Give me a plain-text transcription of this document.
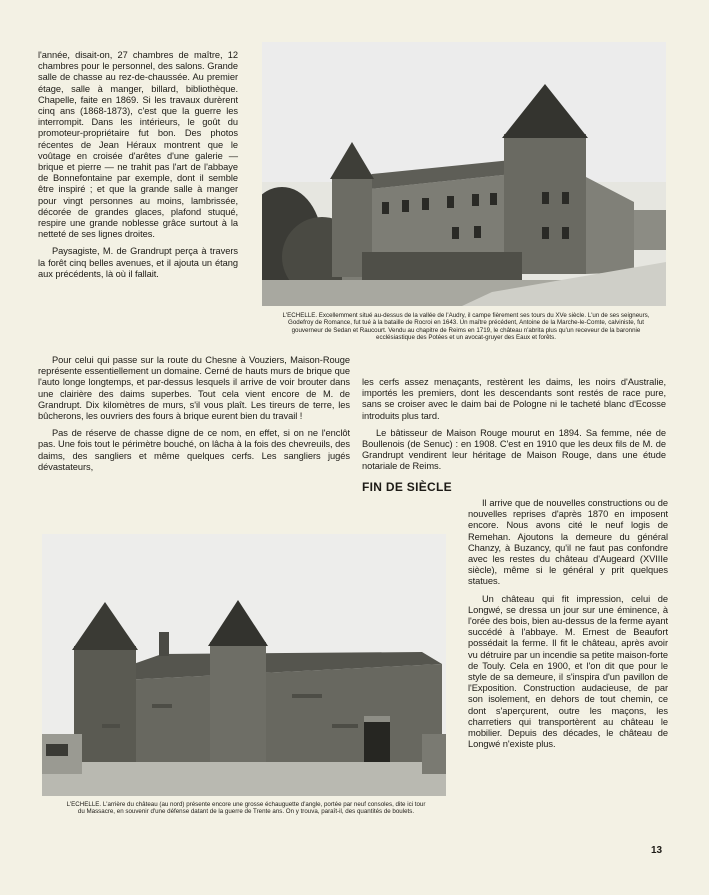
l'année, disait-on, 27 chambres de maître, 12 chambres pour le personnel, des salons. Grande salle de chasse au rez-de-chaussée. Au premier étage, salle à manger, billard, bibliothèque. Chapelle, faite en 1869. Si les travaux durèrent cinq ans (1868-1873), c'est que la guerre les interrompit. Dans les intérieurs, le goût du promoteur-propriétaire fut bon. Des photos récentes de Jean Héraux montrent que le voûtage en croisée d'arêtes d'une galerie — brique et pierre — ne trahit pas l'art de l'abbaye de Bonnefontaine par exemple, dont il semble être inspiré ; et que la grande salle à manger pour vingt personnes au moins, lambrissée, décorée de grandes glaces, plafond stuqué, respire une grande noblesse grâce surtout à la netteté de ses lignes droites.

Paysagiste, M. de Grandrupt perça à travers la forêt cinq belles avenues, et il ajouta un étang aux précédents, là où il fallait.

L'ECHELLE. Excellemment situé au-dessus de la vallée de l'Audry, il campe fièrement ses tours du XVe siècle. L'un de ses seigneurs, Godefroy de Romance, fut tué à la bataille de Rocroi en 1643. Un maître précédent, Antoine de la Marche-le-Comte, calviniste, fut gouverneur de Sedan et Raucourt. Vendu au chapitre de Reims en 1719, le château n'abrita plus qu'un receveur de la baronnie ecclésiastique des Potées et un avocat-gruyer des Eaux et forêts.

Pour celui qui passe sur la route du Chesne à Vouziers, Maison-Rouge représente essentiellement un domaine. Cerné de hauts murs de brique que l'auto longe longtemps, et par-dessus lesquels il arrive de voir brouter dans une clairière des daims superbes. Tout cela vient encore de M. de Grandrupt. Dix kilomètres de murs, s'il vous plaît. Les tireurs de terre, les bûcherons, les ouvriers des fours à brique eurent bien du travail !

Pas de réserve de chasse digne de ce nom, en effet, si on ne l'enclôt pas. Une fois tout le périmètre bouché, on lâcha à la fois des chevreuils, des daims, des sangliers et même quelques cerfs. Les sangliers jugés dévastateurs,

les cerfs assez menaçants, restèrent les daims, les noirs d'Australie, importés les premiers, dont les descendants sont restés de race pure, sans se croiser avec le daim bai de Pologne ni le tacheté blanc d'Ecosse introduits plus tard.

Le bâtisseur de Maison Rouge mourut en 1894. Sa femme, née de Boullenois (de Senuc) : en 1908. C'est en 1910 que les deux fils de M. de Grandrupt vendirent leur héritage de Maison Rouge, dans une étude notariale de Reims.

FIN DE SIÈCLE

Il arrive que de nouvelles constructions ou de nouvelles reprises d'après 1870 en imposent encore. Nous avons cité le neuf logis de Remehan. Ajoutons la demeure du général Chanzy, à Buzancy, qu'il ne faut pas confondre avec les restes du château d'Augeard (XVIIIe siècle), même si le général y prit quelques statues.

Un château qui fit impression, celui de Longwé, se dressa un jour sur une éminence, à l'orée des bois, bien au-dessus de la ferme ayant succédé à l'abbaye. M. Ernest de Beaufort possédait la ferme. Il fit le château, après avoir vu détruire par un incendie sa petite maison-forte de Touly. Cela en 1900, et l'on dit que pour le style de sa demeure, il s'inspira d'un pavillon de l'Exposition. Construction audacieuse, de par son isolement, en dehors de tout chemin, ce dont s'aperçurent, outre les maçons, les charretiers qui transportèrent au château le mobilier. Depuis des décades, le château de Longwé n'existe plus.

L'ECHELLE. L'arrière du château (au nord) présente encore une grosse échauguette d'angle, portée par neuf consoles, dite ici tour du Massacre, en souvenir d'une défense datant de la guerre de Trente ans. On y trouva, paraît-il, des quantités de boulets.

13
